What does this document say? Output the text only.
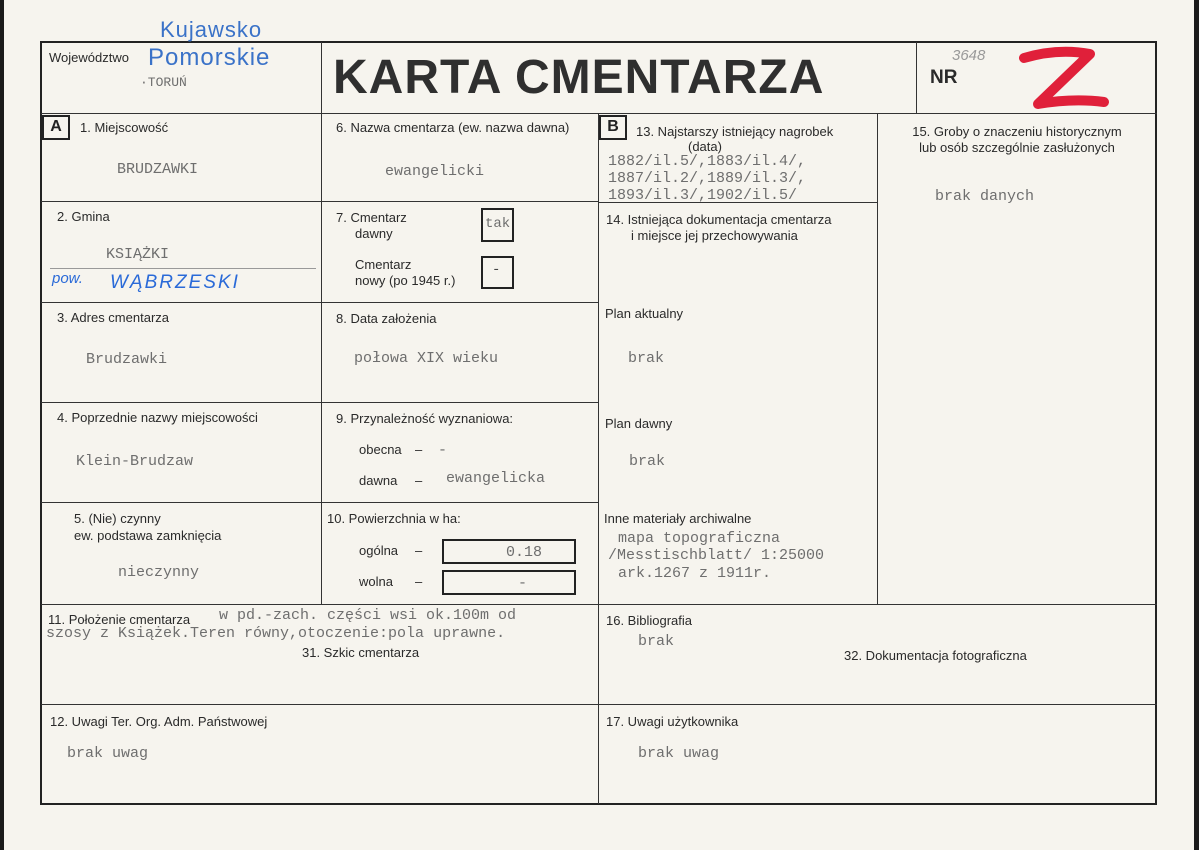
Województwo
Kujawsko
Pomorskie
·TORUŃ	KARTA CMENTARZA	NR
3648
A	B
1. Miejscowość
BRUDZAWKI
2. Gmina
KSIĄŻKI
pow. WĄBRZESKI
3. Adres cmentarza
Brudzawki
4. Poprzednie nazwy miejscowości
Klein-Brudzaw
5. (Nie) czynny
ew. podstawa zamknięcia
nieczynny
6. Nazwa cmentarza (ew. nazwa dawna)
ewangelicki
7. Cmentarz
dawny
tak
Cmentarz
nowy (po 1945 r.)
-
8. Data założenia
połowa XIX wieku
9. Przynależność wyznaniowa:
obecna – -
dawna – ewangelicka
10. Powierzchnia w ha:
ogólna –	0.18
wolna –	-
11. Położenie cmentarza w pd.-zach. części wsi ok.100m od
szosy z Książek.Teren równy,otoczenie:pola uprawne.
31. Szkic cmentarza
12. Uwagi Ter. Org. Adm. Państwowej
brak uwag
13. Najstarszy istniejący nagrobek
(data)
1882/il.5/,1883/il.4/,
1887/il.2/,1889/il.3/,
1893/il.3/,1902/il.5/
14. Istniejąca dokumentacja cmentarza
i miejsce jej przechowywania
Plan aktualny
brak
Plan dawny
brak
Inne materiały archiwalne
mapa topograficzna
/Messtischblatt/ 1:25000
ark.1267 z 1911r.
15. Groby o znaczeniu historycznym
lub osób szczególnie zasłużonych
brak danych
16. Bibliografia
brak
32. Dokumentacja fotograficzna
17. Uwagi użytkownika
brak uwag
